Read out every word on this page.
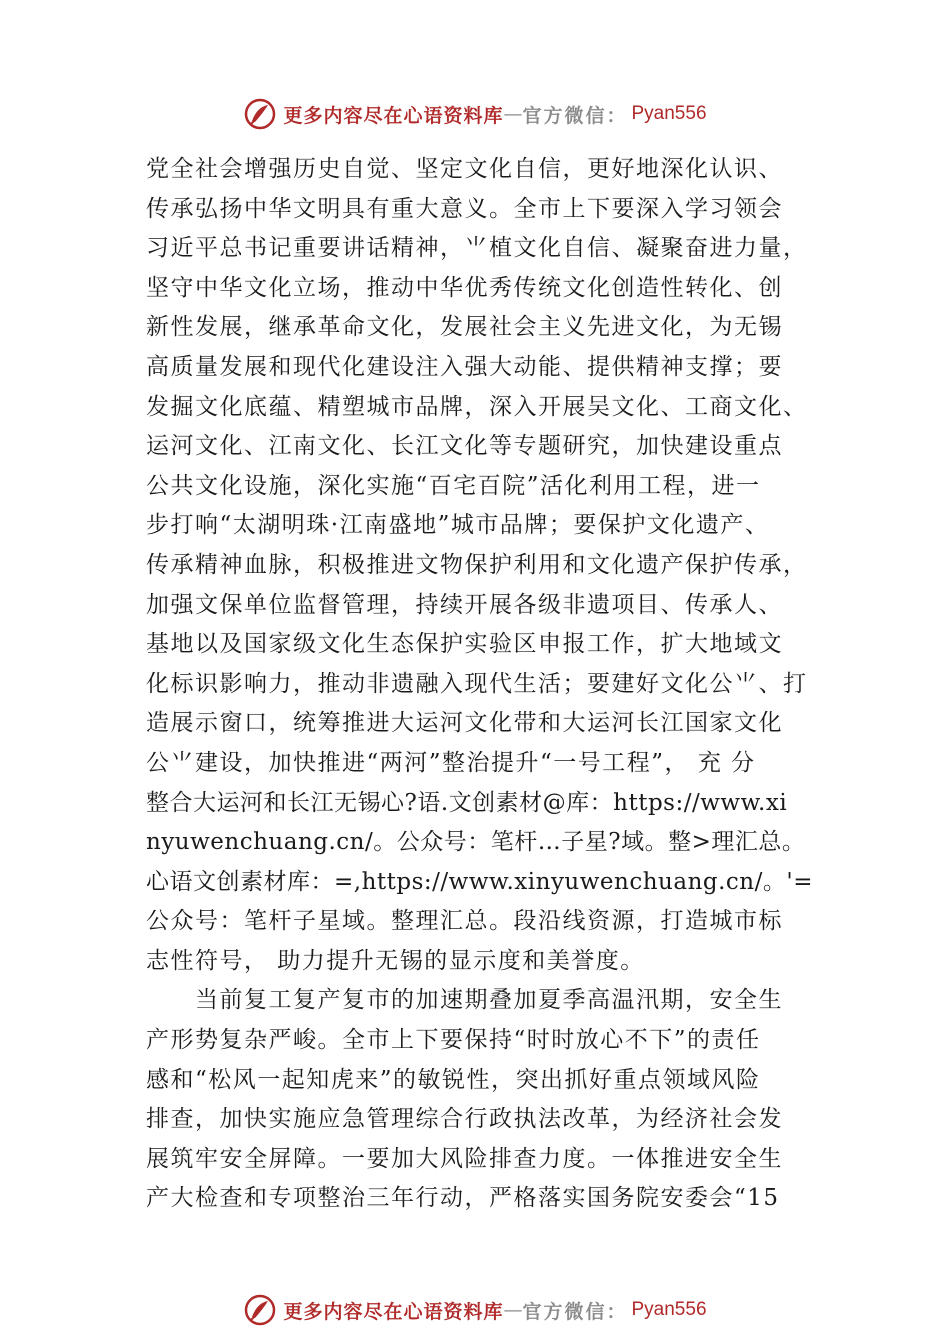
更多内容尽在心语资料库 — 官方微信： Pyan556
党全社会增强历史自觉、坚定文化自信，更好地深化认识、
传承弘扬中华文明具有重大意义。全市上下要深入学习领会
习近平总书记重要讲话精神，⺌植文化自信、凝聚奋进力量，
坚守中华文化立场，推动中华优秀传统文化创造性转化、创
新性发展，继承革命文化，发展社会主义先进文化，为无锡
高质量发展和现代化建设注入强大动能、提供精神支撑；要
发掘文化底蕴、精塑城市品牌，深入开展吴文化、工商文化、
运河文化、江南文化、长江文化等专题研究，加快建设重点
公共文化设施，深化实施“百宅百院”活化利用工程，进一
步打响“太湖明珠·江南盛地”城市品牌；要保护文化遗产、
传承精神血脉，积极推进文物保护利用和文化遗产保护传承，
加强文保单位监督管理，持续开展各级非遗项目、传承人、
基地以及国家级文化生态保护实验区申报工作，扩大地域文
化标识影响力，推动非遗融入现代生活；要建好文化公⺌、打
造展示窗口，统筹推进大运河文化带和大运河长江国家文化
公⺌建设，加快推进“两河”整治提升“一号工程”， 充 分
整合大运河和长江无锡心?语.文创素材@库：https://www.xi
nyuwenchuang.cn/。公众号：笔杆…子星?域。整>理汇总。
心语文创素材库：=,https://www.xinyuwenchuang.cn/。'=
公众号：笔杆子星域。整理汇总。段沿线资源，打造城市标
志性符号， 助力提升无锡的显示度和美誉度。
　　当前复工复产复市的加速期叠加夏季高温汛期，安全生
产形势复杂严峻。全市上下要保持“时时放心不下”的责任
感和“松风一起知虎来”的敏锐性，突出抓好重点领域风险
排查，加快实施应急管理综合行政执法改革，为经济社会发
展筑牢安全屏障。一要加大风险排查力度。一体推进安全生
产大检查和专项整治三年行动，严格落实国务院安委会“15
更多内容尽在心语资料库 — 官方微信： Pyan556
